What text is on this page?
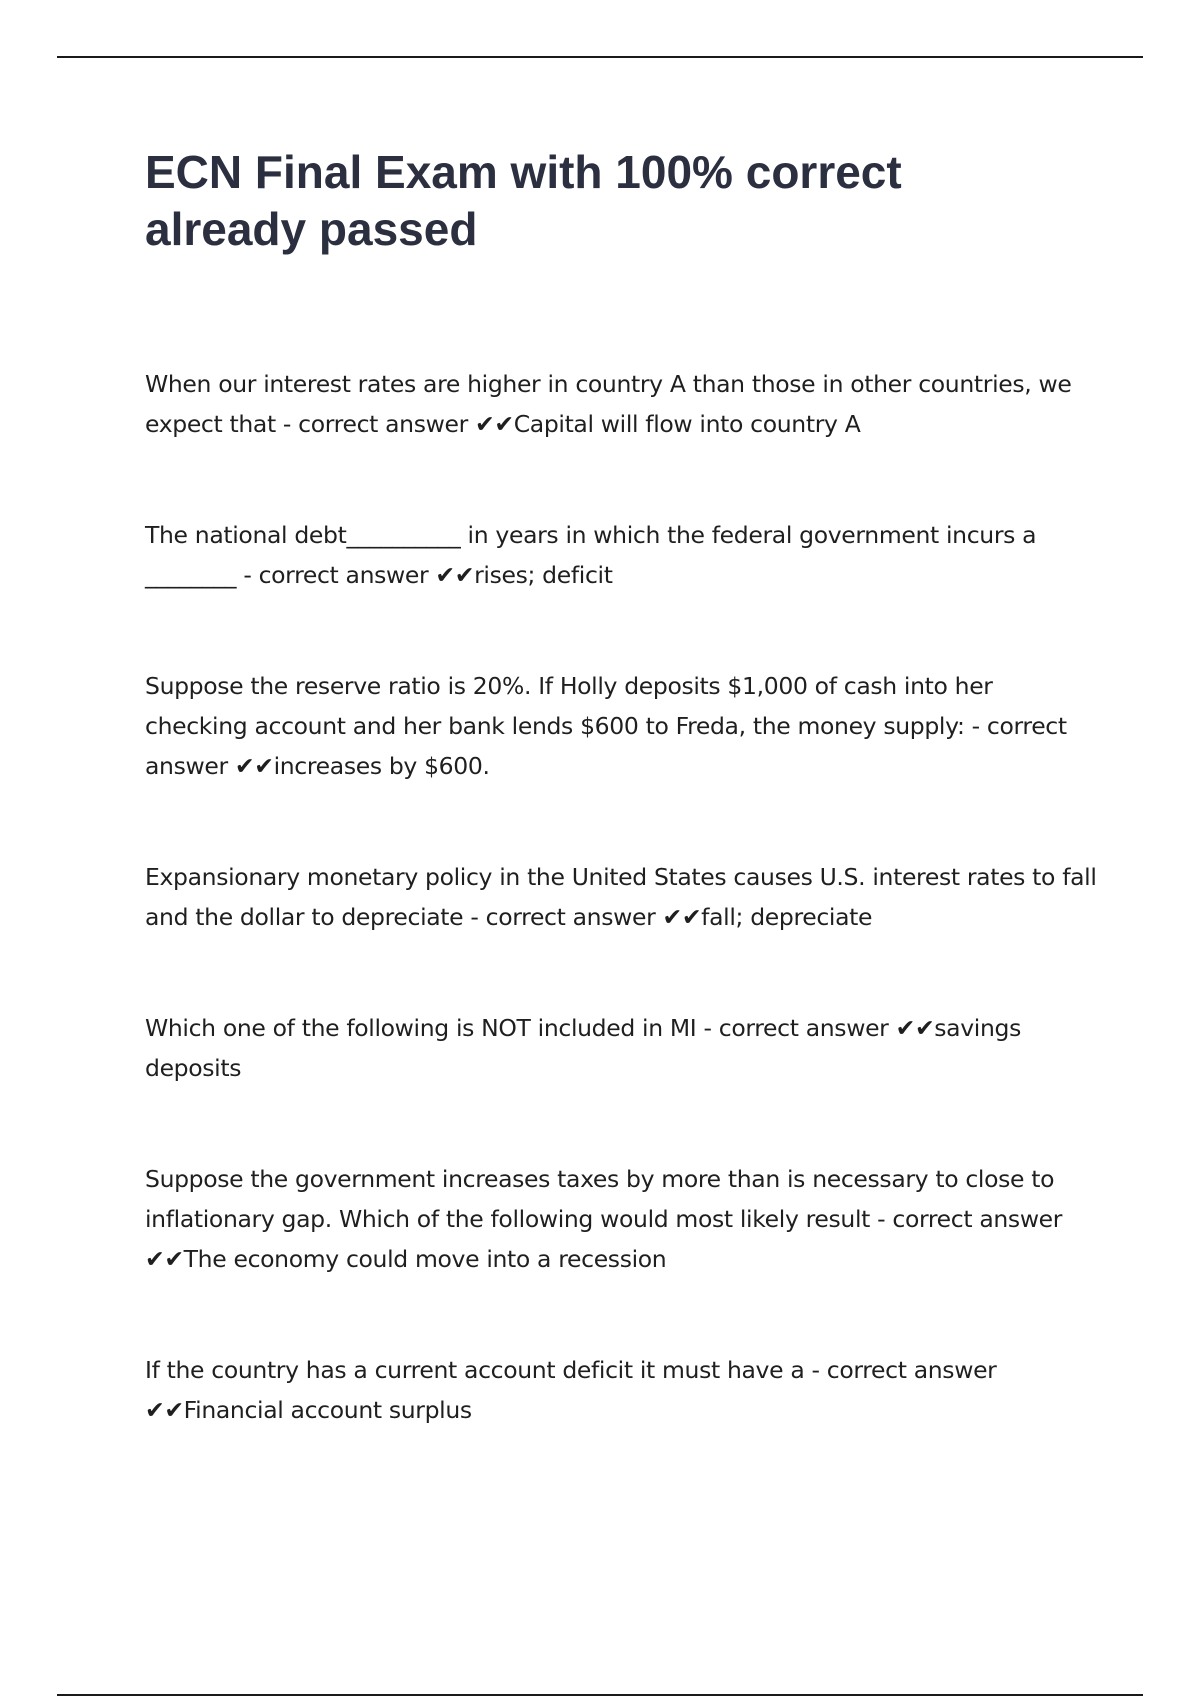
ECN Final Exam with 100% correct already passed
When our interest rates are higher in country A than those in other countries, we expect that - correct answer ✔✔Capital will flow into country A
The national debt__________ in years in which the federal government incurs a ________ - correct answer ✔✔rises; deficit
Suppose the reserve ratio is 20%. If Holly deposits $1,000 of cash into her checking account and her bank lends $600 to Freda, the money supply: - correct answer ✔✔increases by $600.
Expansionary monetary policy in the United States causes U.S. interest rates to fall and the dollar to depreciate - correct answer ✔✔fall; depreciate
Which one of the following is NOT included in MI - correct answer ✔✔savings deposits
Suppose the government increases taxes by more than is necessary to close to inflationary gap. Which of the following would most likely result - correct answer ✔✔The economy could move into a recession
If the country has a current account deficit it must have a - correct answer ✔✔Financial account surplus
